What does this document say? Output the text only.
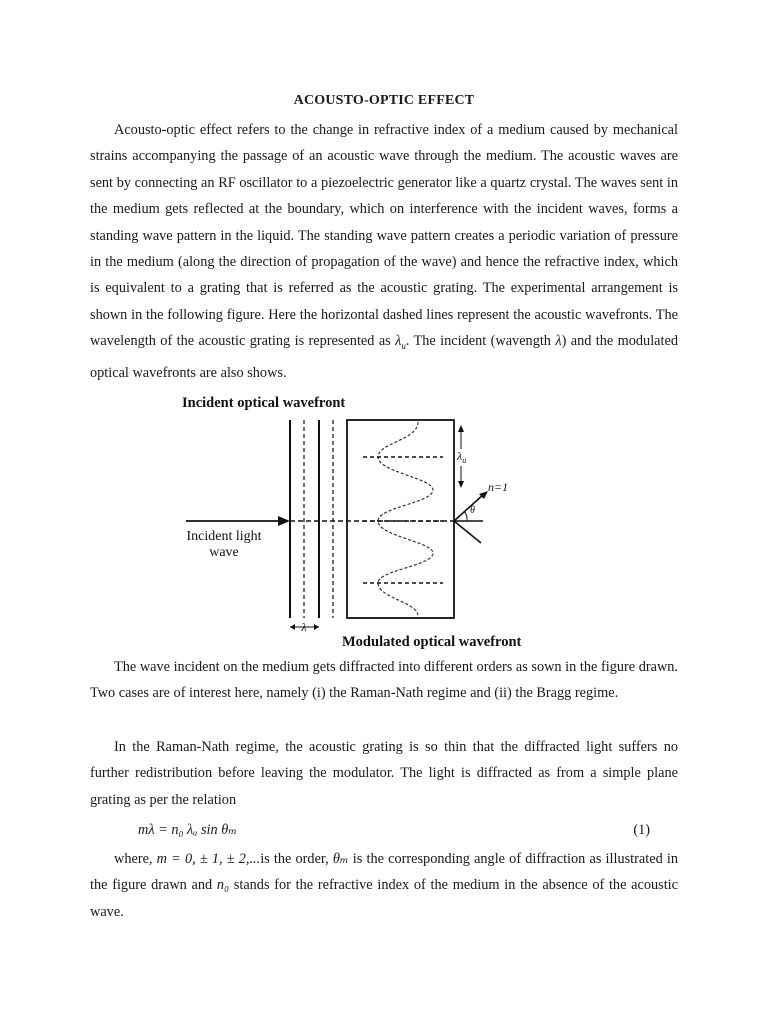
ACOUSTO-OPTIC EFFECT
Acousto-optic effect refers to the change in refractive index of a medium caused by mechanical strains accompanying the passage of an acoustic wave through the medium. The acoustic waves are sent by connecting an RF oscillator to a piezoelectric generator like a quartz crystal. The waves sent in the medium gets reflected at the boundary, which on interference with the incident waves, forms a standing wave pattern in the liquid. The standing wave pattern creates a periodic variation of pressure in the medium (along the direction of propagation of the wave) and hence the refractive index, which is equivalent to a grating that is referred as the acoustic grating. The experimental arrangement is shown in the following figure. Here the horizontal dashed lines represent the acoustic wavefronts. The wavelength of the acoustic grating is represented as $\lambda_u$. The incident (wavength λ) and the modulated optical wavefronts are also shows.
Incident optical wavefront
Incident light
wave
θ
n=1
$\lambda_u$
λ
Modulated optical wavefront
The wave incident on the medium gets diffracted into different orders as sown in the figure drawn. Two cases are of interest here, namely (i) the Raman-Nath regime and (ii) the Bragg regime.
In the Raman-Nath regime, the acoustic grating is so thin that the diffracted light suffers no further redistribution before leaving the modulator. The light is diffracted as from a simple plane grating as per the relation
mλ = n₀ λᵤ sin θₘ	(1)
where, m = 0, ± 1, ± 2,...is the order, θₘ is the corresponding angle of diffraction as illustrated in the figure drawn and n₀ stands for the refractive index of the medium in the absence of the acoustic wave.
